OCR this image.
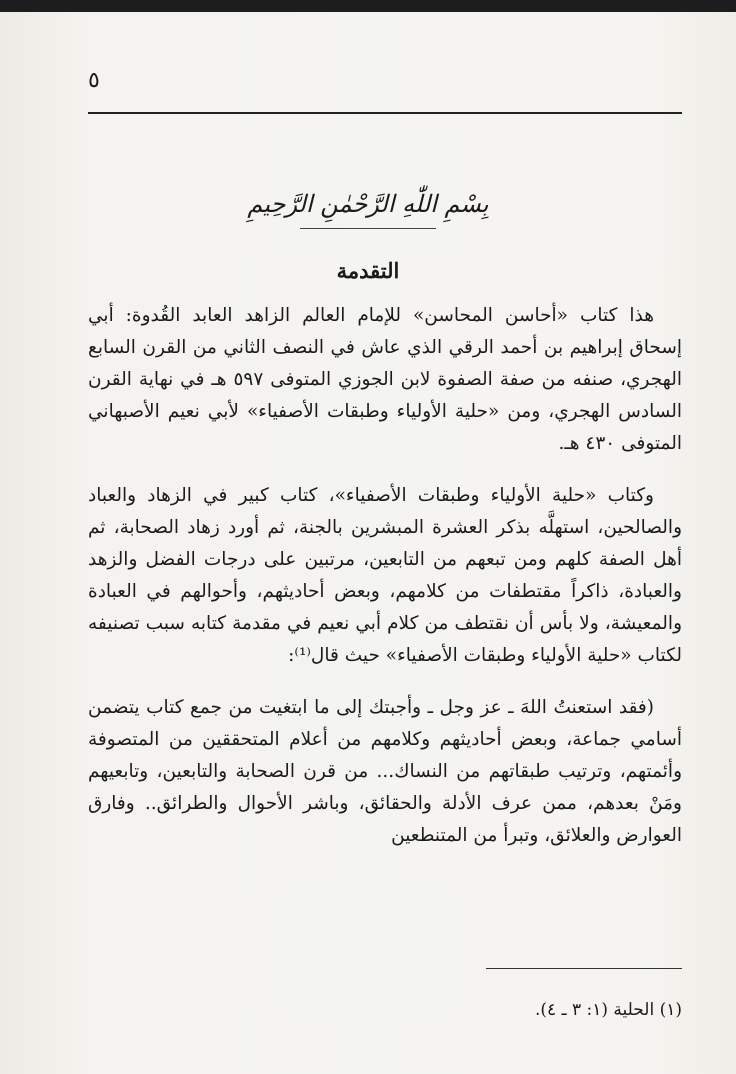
٥
بِسْمِ اللّٰهِ الرَّحْمٰنِ الرَّحِيمِ
التقدمة

هذا كتاب «أحاسن المحاسن» للإمام العالم الزاهد العابد القُدوة: أبي إسحاق إبراهيم بن أحمد الرقي الذي عاش في النصف الثاني من القرن السابع الهجري، صنفه من صفة الصفوة لابن الجوزي المتوفى ٥٩٧ هـ في نهاية القرن السادس الهجري، ومن «حلية الأولياء وطبقات الأصفياء» لأبي نعيم الأصبهاني المتوفى ٤٣٠ هـ.

وكتاب «حلية الأولياء وطبقات الأصفياء»، كتاب كبير في الزهاد والعباد والصالحين، استهلَّه بذكر العشرة المبشرين بالجنة، ثم أورد زهاد الصحابة، ثم أهل الصفة كلهم ومن تبعهم من التابعين، مرتبين على درجات الفضل والزهد والعبادة، ذاكراً مقتطفات من كلامهم، وبعض أحاديثهم، وأحوالهم في العبادة والمعيشة، ولا بأس أن نقتطف من كلام أبي نعيم في مقدمة كتابه سبب تصنيفه لكتاب «حلية الأولياء وطبقات الأصفياء» حيث قال⁽¹⁾:

(فقد استعنتُ اللهَ ـ عز وجل ـ وأجبتك إلى ما ابتغيت من جمع كتاب يتضمن أسامي جماعة، وبعض أحاديثهم وكلامهم من أعلام المتحققين من المتصوفة وأئمتهم، وترتيب طبقاتهم من النساك... من قرن الصحابة والتابعين، وتابعيهم ومَنْ بعدهم، ممن عرف الأدلة والحقائق، وباشر الأحوال والطرائق.. وفارق العوارض والعلائق، وتبرأ من المتنطعين

(١) الحلية (١: ٣ ـ ٤).
